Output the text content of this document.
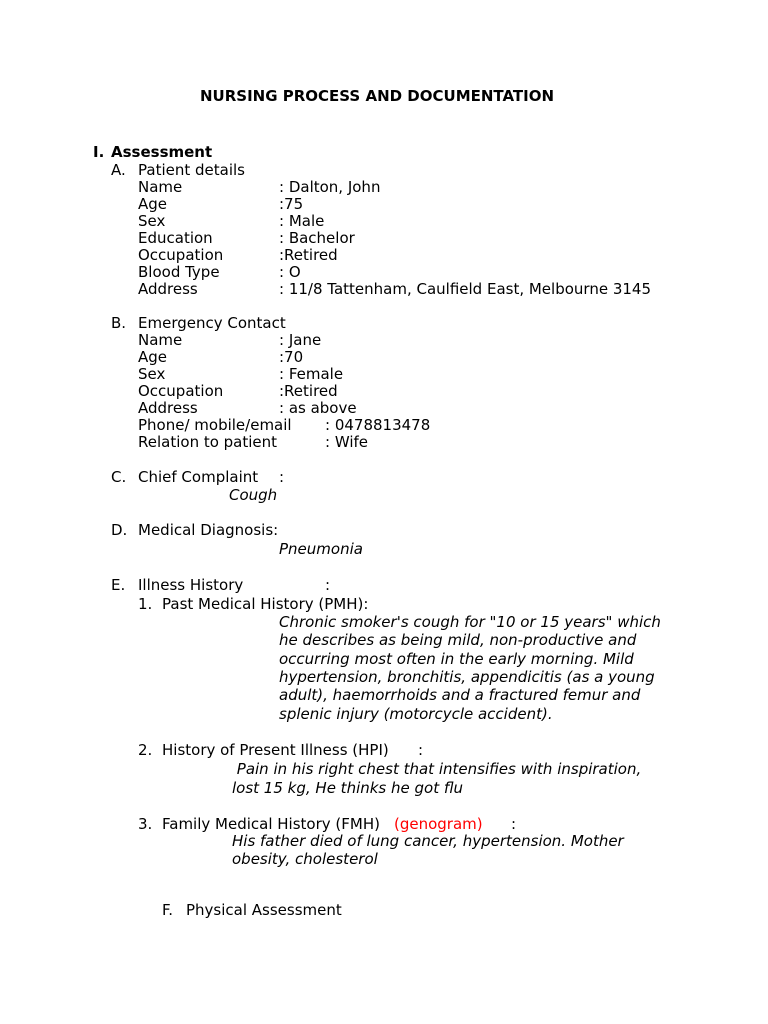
NURSING PROCESS AND DOCUMENTATION
I. Assessment
A. Patient details
Name	: Dalton, John
Age	:75
Sex	: Male
Education	: Bachelor
Occupation	:Retired
Blood Type	: O
Address	: 11/8 Tattenham, Caulfield East, Melbourne 3145
B. Emergency Contact
Name	: Jane
Age	:70
Sex	: Female
Occupation	:Retired
Address	: as above
Phone/ mobile/email : 0478813478
Relation to patient	: Wife
C. Chief Complaint :
Cough
D. Medical Diagnosis:
Pneumonia
E. Illness History	:
1. Past Medical History (PMH):
Chronic smoker's cough for "10 or 15 years" which
he describes as being mild, non-productive and
occurring most often in the early morning. Mild
hypertension, bronchitis, appendicitis (as a young
adult), haemorrhoids and a fractured femur and
splenic injury (motorcycle accident).
2. History of Present Illness (HPI) :
Pain in his right chest that intensifies with inspiration,
lost 15 kg, He thinks he got flu
3. Family Medical History (FMH) (genogram) :
His father died of lung cancer, hypertension. Mother
obesity, cholesterol
F. Physical Assessment
